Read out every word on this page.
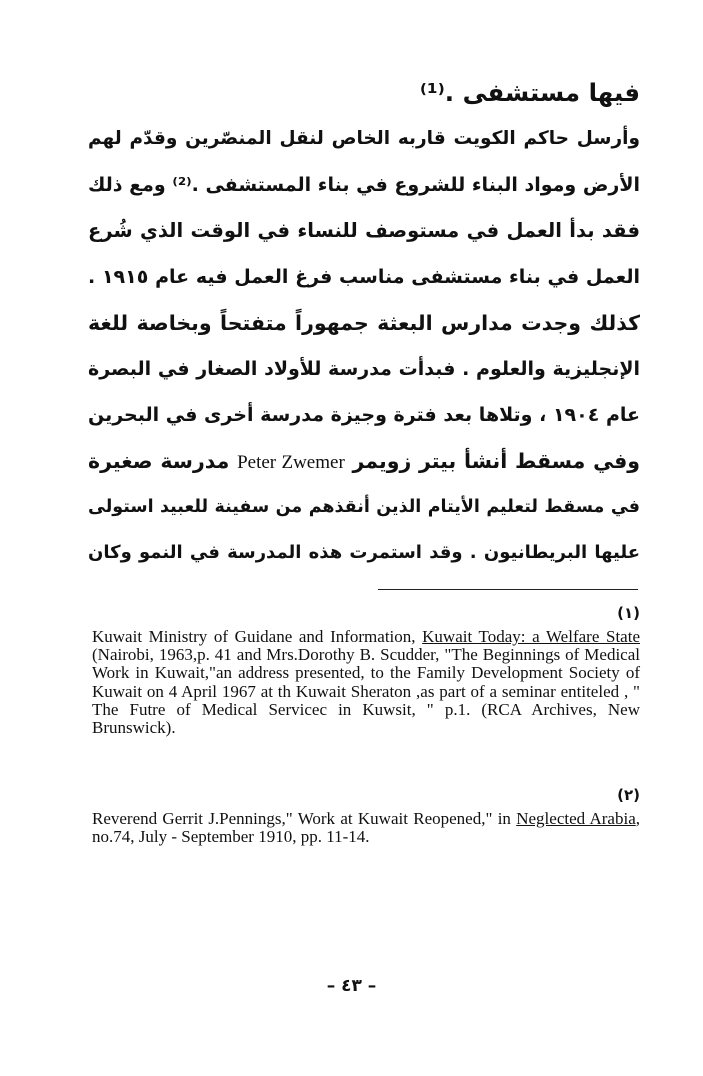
فيها مستشفى .⁽¹⁾
وأرسل حاكم الكويت قاربه الخاص لنقل المنصّرين وقدّم لهم
الأرض ومواد البناء للشروع في بناء المستشفى .⁽²⁾ ومع ذلك
فقد بدأ العمل في مستوصف للنساء في الوقت الذي شُرع
العمل في بناء مستشفى مناسب فرغ العمل فيه عام ١٩١٥ .
كذلك وجدت مدارس البعثة جمهوراً متفتحاً وبخاصة للغة
الإنجليزية والعلوم . فبدأت مدرسة للأولاد الصغار في البصرة
عام ١٩٠٤ ، وتلاها بعد فترة وجيزة مدرسة أخرى في البحرين
وفي مسقط أنشأ بيتر زويمر Peter Zwemer مدرسة صغيرة
في مسقط لتعليم الأيتام الذين أنقذهم من سفينة للعبيد استولى
عليها البريطانيون . وقد استمرت هذه المدرسة في النمو وكان
(١)
Kuwait Ministry of Guidane and Information, Kuwait Today: a Welfare State (Nairobi, 1963,p. 41 and Mrs.Dorothy B. Scudder, "The Beginnings of Medical Work in Kuwait,"an address presented, to the Family Development Society of Kuwait on 4 April 1967 at th Kuwait Sheraton ,as part of a seminar entiteled , " The Futre of Medical Servicec in Kuwsit, " p.1. (RCA Archives, New Brunswick).
(٢)
Reverend Gerrit J.Pennings," Work at Kuwait Reopened," in Neglected Arabia, no.74, July - September 1910, pp. 11-14.
– ٤٣ –
